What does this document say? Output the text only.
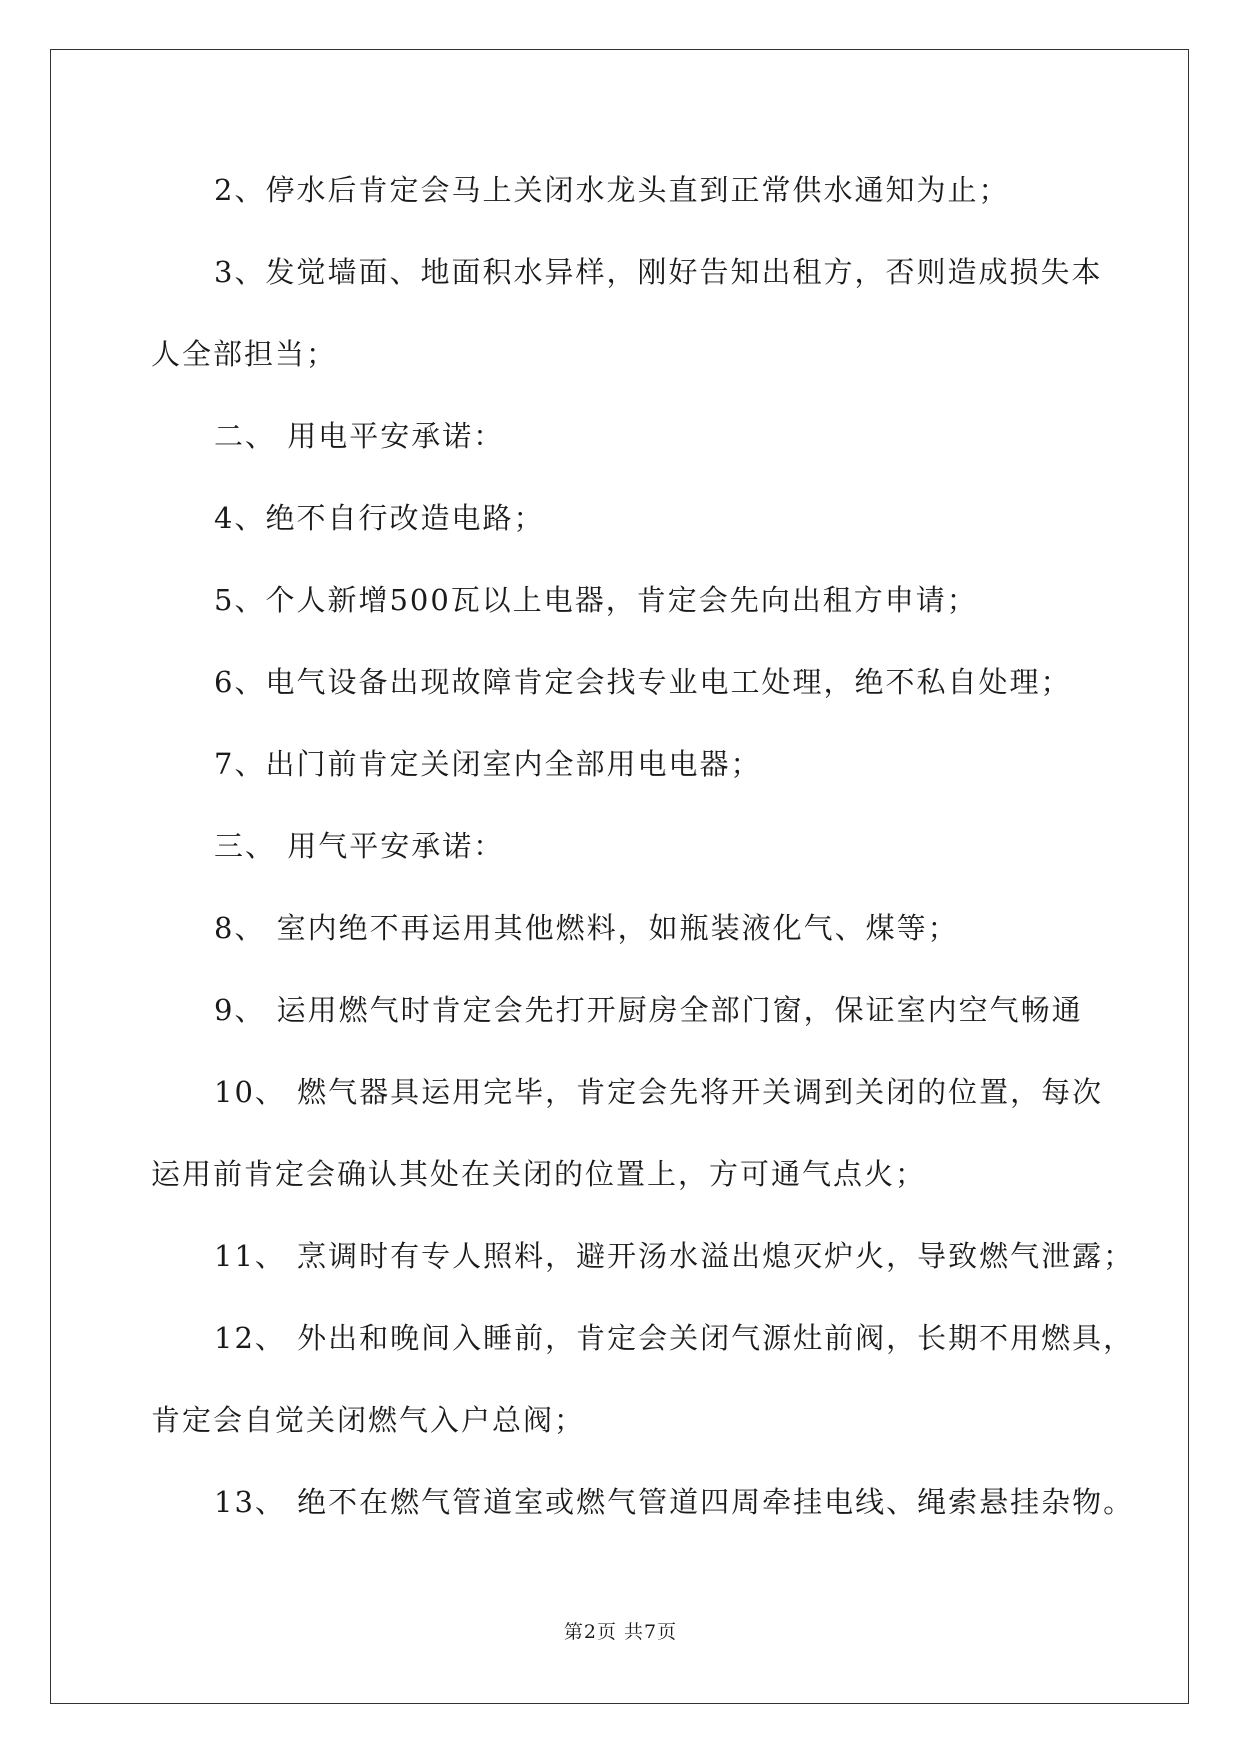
2、停水后肯定会马上关闭水龙头直到正常供水通知为止；
3、发觉墙面、地面积水异样，刚好告知出租方，否则造成损失本
人全部担当；
二、 用电平安承诺：
4、绝不自行改造电路；
5、个人新增500瓦以上电器，肯定会先向出租方申请；
6、电气设备出现故障肯定会找专业电工处理，绝不私自处理；
7、出门前肯定关闭室内全部用电电器；
三、 用气平安承诺：
8、 室内绝不再运用其他燃料，如瓶装液化气、煤等；
9、 运用燃气时肯定会先打开厨房全部门窗，保证室内空气畅通
10、 燃气器具运用完毕，肯定会先将开关调到关闭的位置，每次
运用前肯定会确认其处在关闭的位置上，方可通气点火；
11、 烹调时有专人照料，避开汤水溢出熄灭炉火，导致燃气泄露；
12、 外出和晚间入睡前，肯定会关闭气源灶前阀，长期不用燃具，
肯定会自觉关闭燃气入户总阀；
13、 绝不在燃气管道室或燃气管道四周牵挂电线、绳索悬挂杂物。
第2页 共7页
